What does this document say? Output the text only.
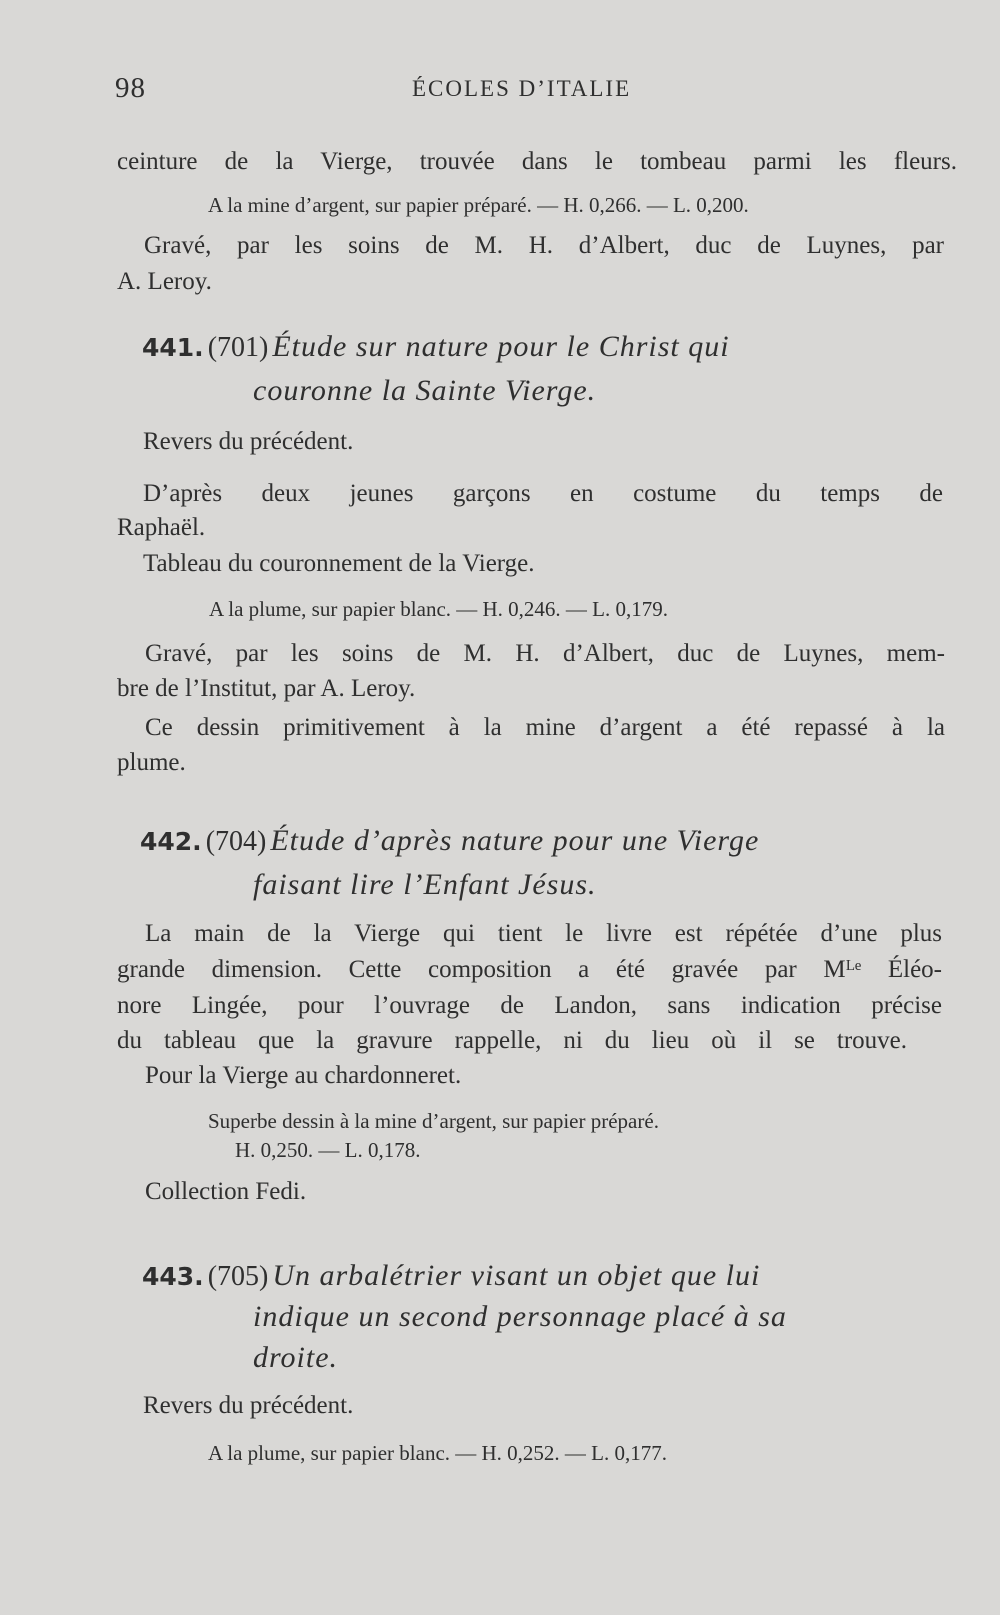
98	ÉCOLES D’ITALIE
ceinture de la Vierge, trouvée dans le tombeau parmi les fleurs.
A la mine d’argent, sur papier préparé. — H. 0,266. — L. 0,200.
Gravé, par les soins de M. H. d’Albert, duc de Luynes, par
A. Leroy.
441. (701) Étude sur nature pour le Christ qui
couronne la Sainte Vierge.
Revers du précédent.
D’après deux jeunes garçons en costume du temps de
Raphaël.
Tableau du couronnement de la Vierge.
A la plume, sur papier blanc. — H. 0,246. — L. 0,179.
Gravé, par les soins de M. H. d’Albert, duc de Luynes, mem-
bre de l’Institut, par A. Leroy.
Ce dessin primitivement à la mine d’argent a été repassé à la
plume.
442. (704) Étude d’après nature pour une Vierge
faisant lire l’Enfant Jésus.
La main de la Vierge qui tient le livre est répétée d’une plus
grande dimension. Cette composition a été gravée par Mᴸᵉ Éléo-
nore Lingée, pour l’ouvrage de Landon, sans indication précise
du tableau que la gravure rappelle, ni du lieu où il se trouve.
Pour la Vierge au chardonneret.
Superbe dessin à la mine d’argent, sur papier préparé.
H. 0,250. — L. 0,178.
Collection Fedi.
443. (705) Un arbalétrier visant un objet que lui
indique un second personnage placé à sa
droite.
Revers du précédent.
A la plume, sur papier blanc. — H. 0,252. — L. 0,177.
